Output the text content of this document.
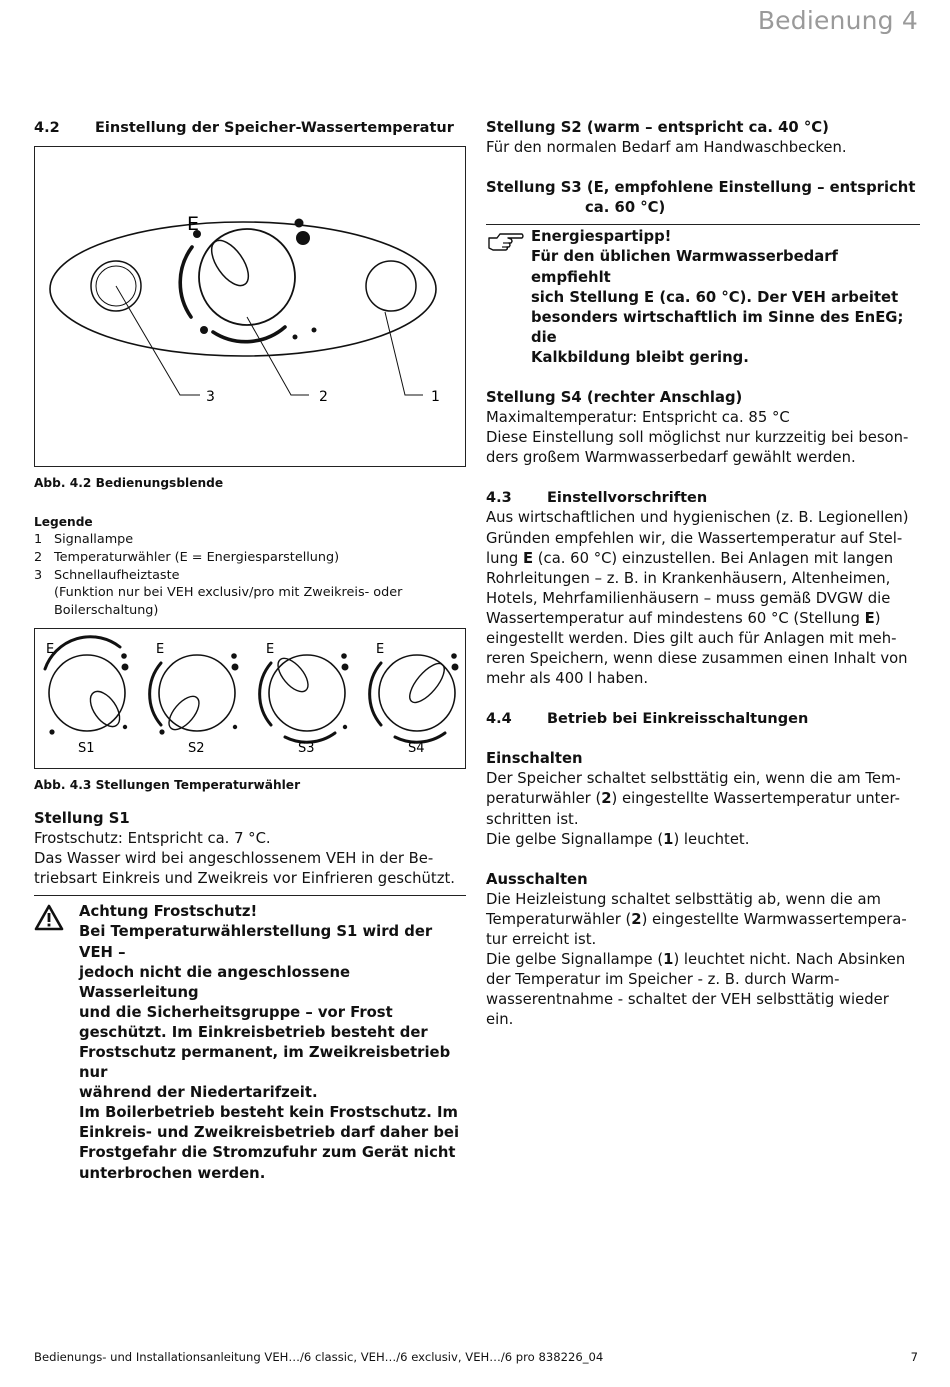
Bedienung 4
4.2	Einstellung der Speicher-Wassertemperatur
E
3	2	1
Abb. 4.2 Bedienungsblende
Legende
1 Signallampe
2 Temperaturwähler (E = Energiesparstellung)
3 Schnellaufheiztaste
(Funktion nur bei VEH exclusiv/pro mit Zweikreis- oder
Boilerschaltung)
E
S1
E
S2
E
S3
E
S4
Abb. 4.3 Stellungen Temperaturwähler

Stellung S1

Frostschutz: Entspricht ca. 7 °C.

Das Wasser wird bei angeschlossenem VEH in der Be-

triebsart Einkreis und Zweikreis vor Einfrieren geschützt.

Achtung Frostschutz!
Bei Temperaturwählerstellung S1 wird der VEH –
jedoch nicht die angeschlossene Wasserleitung
und die Sicherheitsgruppe – vor Frost
geschützt. Im Einkreisbetrieb besteht der
Frostschutz permanent, im Zweikreisbetrieb nur
während der Niedertarifzeit.
Im Boilerbetrieb besteht kein Frostschutz. Im
Einkreis- und Zweikreisbetrieb darf daher bei
Frostgefahr die Stromzufuhr zum Gerät nicht
unterbrochen werden.

Stellung S2 (warm – entspricht ca. 40 °C)

Für den normalen Bedarf am Handwaschbecken.

Stellung S3 (E, empfohlene Einstellung – entspricht

ca. 60 °C)

Energiespartipp!
Für den üblichen Warmwasserbedarf empfiehlt
sich Stellung E (ca. 60 °C). Der VEH arbeitet
besonders wirtschaftlich im Sinne des EnEG; die
Kalkbildung bleibt gering.

Stellung S4 (rechter Anschlag)

Maximaltemperatur: Entspricht ca. 85 °C

Diese Einstellung soll möglichst nur kurzzeitig bei beson-

ders großem Warmwasserbedarf gewählt werden.

4.3	Einstellvorschriften

Aus wirtschaftlichen und hygienischen (z. B. Legionellen)

Gründen empfehlen wir, die Wassertemperatur auf Stel-

lung E (ca. 60 °C) einzustellen. Bei Anlagen mit langen

Rohrleitungen – z. B. in Krankenhäusern, Altenheimen,

Hotels, Mehrfamilienhäusern – muss gemäß DVGW die

Wassertemperatur auf mindestens 60 °C (Stellung E)

eingestellt werden. Dies gilt auch für Anlagen mit meh-

reren Speichern, wenn diese zusammen einen Inhalt von

mehr als 400 l haben.

4.4	Betrieb bei Einkreisschaltungen

Einschalten

Der Speicher schaltet selbsttätig ein, wenn die am Tem-

peraturwähler (2) eingestellte Wassertemperatur unter-

schritten ist.

Die gelbe Signallampe (1) leuchtet.

Ausschalten

Die Heizleistung schaltet selbsttätig ab, wenn die am

Temperaturwähler (2) eingestellte Warmwassertempera-

tur erreicht ist.

Die gelbe Signallampe (1) leuchtet nicht. Nach Absinken

der Temperatur im Speicher - z. B. durch Warm-

wasserentnahme - schaltet der VEH selbsttätig wieder

ein.

Bedienungs- und Installationsanleitung VEH…/6 classic, VEH…/6 exclusiv, VEH…/6 pro 838226_04	7
